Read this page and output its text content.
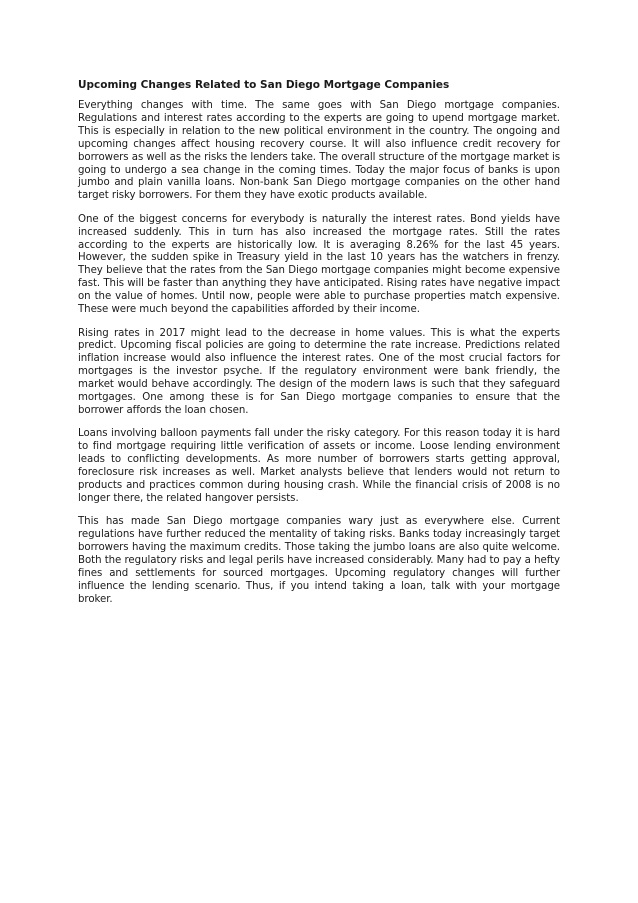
Upcoming Changes Related to San Diego Mortgage Companies

Everything changes with time. The same goes with San Diego mortgage companies. Regulations and interest rates according to the experts are going to upend mortgage market. This is especially in relation to the new political environment in the country. The ongoing and upcoming changes affect housing recovery course. It will also influence credit recovery for borrowers as well as the risks the lenders take. The overall structure of the mortgage market is going to undergo a sea change in the coming times. Today the major focus of banks is upon jumbo and plain vanilla loans. Non-bank San Diego mortgage companies on the other hand target risky borrowers. For them they have exotic products available.

One of the biggest concerns for everybody is naturally the interest rates. Bond yields have increased suddenly. This in turn has also increased the mortgage rates. Still the rates according to the experts are historically low. It is averaging 8.26% for the last 45 years. However, the sudden spike in Treasury yield in the last 10 years has the watchers in frenzy. They believe that the rates from the San Diego mortgage companies might become expensive fast. This will be faster than anything they have anticipated. Rising rates have negative impact on the value of homes. Until now, people were able to purchase properties match expensive. These were much beyond the capabilities afforded by their income.

Rising rates in 2017 might lead to the decrease in home values. This is what the experts predict. Upcoming fiscal policies are going to determine the rate increase. Predictions related inflation increase would also influence the interest rates. One of the most crucial factors for mortgages is the investor psyche. If the regulatory environment were bank friendly, the market would behave accordingly. The design of the modern laws is such that they safeguard mortgages. One among these is for San Diego mortgage companies to ensure that the borrower affords the loan chosen.

Loans involving balloon payments fall under the risky category. For this reason today it is hard to find mortgage requiring little verification of assets or income. Loose lending environment leads to conflicting developments. As more number of borrowers starts getting approval, foreclosure risk increases as well. Market analysts believe that lenders would not return to products and practices common during housing crash. While the financial crisis of 2008 is no longer there, the related hangover persists.

This has made San Diego mortgage companies wary just as everywhere else. Current regulations have further reduced the mentality of taking risks. Banks today increasingly target borrowers having the maximum credits. Those taking the jumbo loans are also quite welcome. Both the regulatory risks and legal perils have increased considerably. Many had to pay a hefty fines and settlements for sourced mortgages. Upcoming regulatory changes will further influence the lending scenario. Thus, if you intend taking a loan, talk with your mortgage broker.
